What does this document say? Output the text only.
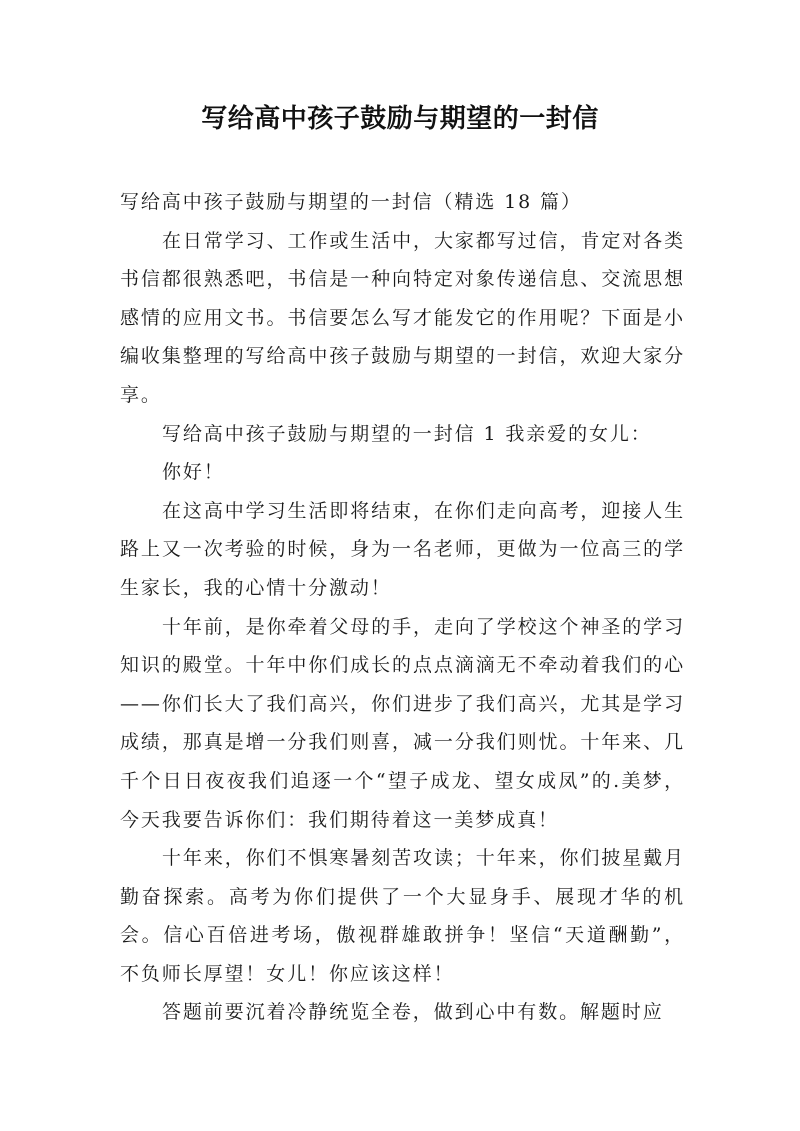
写给高中孩子鼓励与期望的一封信

写给高中孩子鼓励与期望的一封信（精选 18 篇）

在日常学习、工作或生活中，大家都写过信，肯定对各类书信都很熟悉吧，书信是一种向特定对象传递信息、交流思想感情的应用文书。书信要怎么写才能发它的作用呢？下面是小编收集整理的写给高中孩子鼓励与期望的一封信，欢迎大家分享。

写给高中孩子鼓励与期望的一封信 1 我亲爱的女儿：

你好！

在这高中学习生活即将结束，在你们走向高考，迎接人生路上又一次考验的时候，身为一名老师，更做为一位高三的学生家长，我的心情十分激动！

十年前，是你牵着父母的手，走向了学校这个神圣的学习知识的殿堂。十年中你们成长的点点滴滴无不牵动着我们的心——你们长大了我们高兴，你们进步了我们高兴，尤其是学习成绩，那真是增一分我们则喜，减一分我们则忧。十年来、几千个日日夜夜我们追逐一个“望子成龙、望女成凤”的.美梦，今天我要告诉你们：我们期待着这一美梦成真！

十年来，你们不惧寒暑刻苦攻读；十年来，你们披星戴月勤奋探索。高考为你们提供了一个大显身手、展现才华的机会。信心百倍进考场，傲视群雄敢拼争！坚信“天道酬勤”，不负师长厚望！女儿！你应该这样！

答题前要沉着冷静统览全卷，做到心中有数。解题时应
